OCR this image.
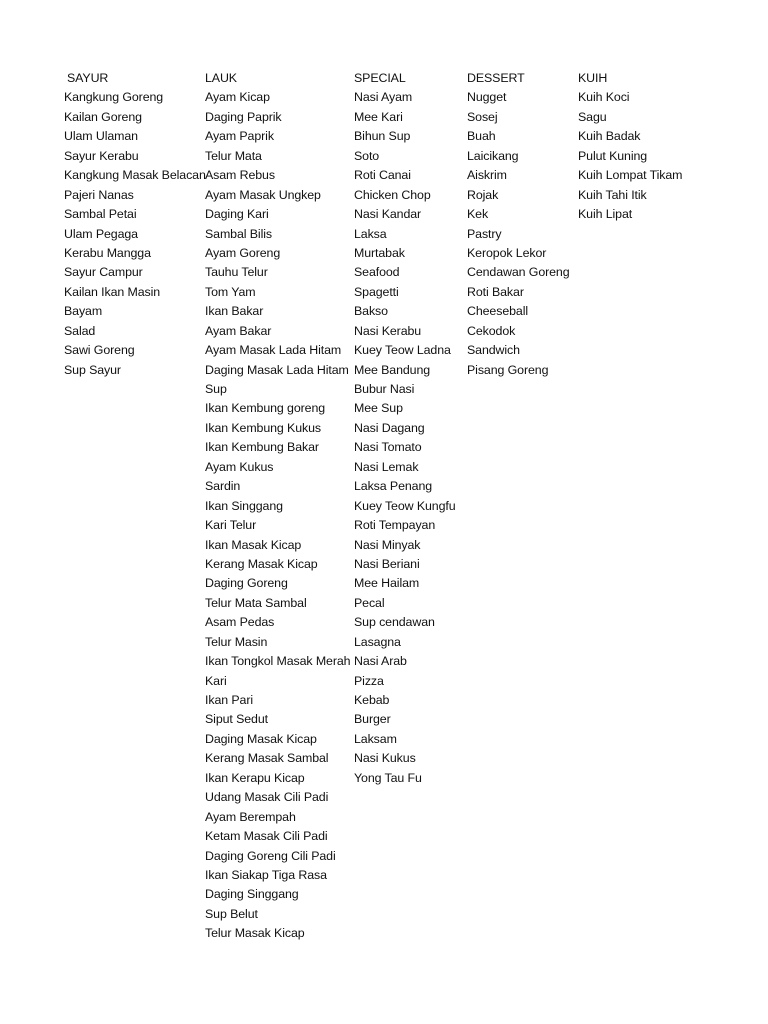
SAYUR
Kangkung Goreng
Kailan Goreng
Ulam Ulaman
Sayur Kerabu
Kangkung Masak Belacan
Pajeri Nanas
Sambal Petai
Ulam Pegaga
Kerabu Mangga
Sayur Campur
Kailan Ikan Masin
Bayam
Salad
Sawi Goreng
Sup Sayur
LAUK
Ayam Kicap
Daging Paprik
Ayam Paprik
Telur Mata
Asam Rebus
Ayam Masak Ungkep
Daging Kari
Sambal Bilis
Ayam Goreng
Tauhu Telur
Tom Yam
Ikan Bakar
Ayam Bakar
Ayam Masak Lada Hitam
Daging Masak Lada Hitam
Sup
Ikan Kembung goreng
Ikan Kembung Kukus
Ikan Kembung Bakar
Ayam Kukus
Sardin
Ikan Singgang
Kari Telur
Ikan Masak Kicap
Kerang Masak Kicap
Daging Goreng
Telur Mata Sambal
Asam Pedas
Telur Masin
Ikan Tongkol Masak Merah
Kari
Ikan Pari
Siput Sedut
Daging Masak Kicap
Kerang Masak Sambal
Ikan Kerapu Kicap
Udang Masak Cili Padi
Ayam Berempah
Ketam Masak Cili Padi
Daging Goreng Cili Padi
Ikan Siakap Tiga Rasa
Daging Singgang
Sup Belut
Telur Masak Kicap
SPECIAL
Nasi Ayam
Mee Kari
Bihun Sup
Soto
Roti Canai
Chicken Chop
Nasi Kandar
Laksa
Murtabak
Seafood
Spagetti
Bakso
Nasi Kerabu
Kuey Teow Ladna
Mee Bandung
Bubur Nasi
Mee Sup
Nasi Dagang
Nasi Tomato
Nasi Lemak
Laksa Penang
Kuey Teow Kungfu
Roti Tempayan
Nasi Minyak
Nasi Beriani
Mee Hailam
Pecal
Sup cendawan
Lasagna
Nasi Arab
Pizza
Kebab
Burger
Laksam
Nasi Kukus
Yong Tau Fu
DESSERT
Nugget
Sosej
Buah
Laicikang
Aiskrim
Rojak
Kek
Pastry
Keropok Lekor
Cendawan Goreng
Roti Bakar
Cheeseball
Cekodok
Sandwich
Pisang Goreng
KUIH
Kuih Koci
Sagu
Kuih Badak
Pulut Kuning
Kuih Lompat Tikam
Kuih Tahi Itik
Kuih Lipat
